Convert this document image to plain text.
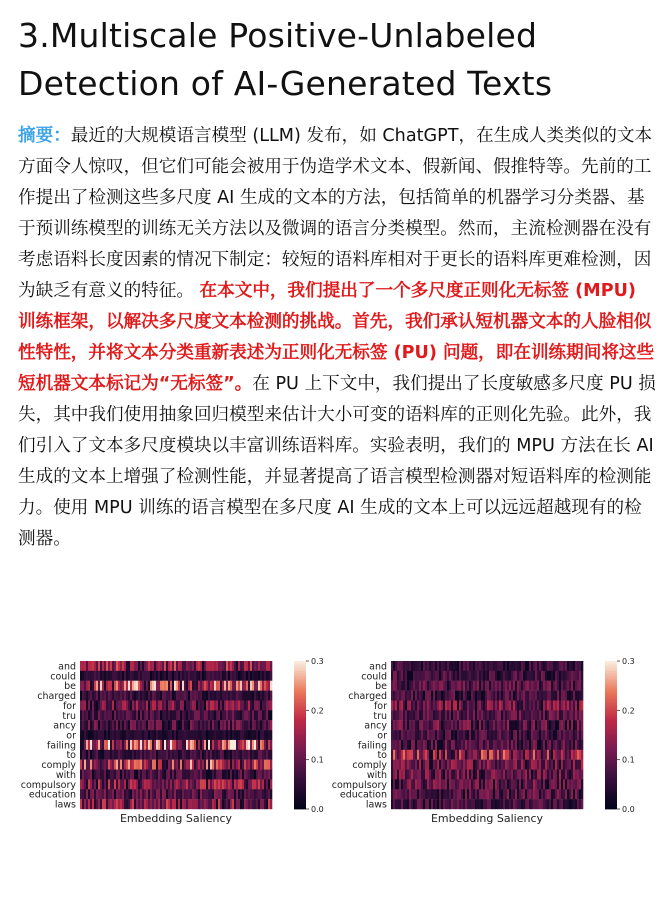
3.Multiscale Positive-Unlabeled Detection of AI-Generated Texts

摘要：最近的大规模语言模型 (LLM) 发布，如 ChatGPT，在生成人类类似的文本方面令人惊叹，但它们可能会被用于伪造学术文本、假新闻、假推特等。先前的工作提出了检测这些多尺度 AI 生成的文本的方法，包括简单的机器学习分类器、基于预训练模型的训练无关方法以及微调的语言分类模型。然而，主流检测器在没有考虑语料长度因素的情况下制定：较短的语料库相对于更长的语料库更难检测，因为缺乏有意义的特征。 在本文中，我们提出了一个多尺度正则化无标签 (MPU) 训练框架，以解决多尺度文本检测的挑战。首先，我们承认短机器文本的人脸相似性特性，并将文本分类重新表述为正则化无标签 (PU) 问题，即在训练期间将这些短机器文本标记为“无标签”。在 PU 上下文中，我们提出了长度敏感多尺度 PU 损失，其中我们使用抽象回归模型来估计大小可变的语料库的正则化先验。此外，我们引入了文本多尺度模块以丰富训练语料库。实验表明，我们的 MPU 方法在长 AI 生成的文本上增强了检测性能，并显著提高了语言模型检测器对短语料库的检测能力。使用 MPU 训练的语言模型在多尺度 AI 生成的文本上可以远远超越现有的检测器。

and
could
be
charged
for
tru
ancy
or
failing
to
comply
with
compulsory
education
laws
0.3
0.2
0.1
0.0
Embedding Saliency
and
could
be
charged
for
tru
ancy
or
failing
to
comply
with
compulsory
education
laws
0.3
0.2
0.1
0.0
Embedding Saliency
